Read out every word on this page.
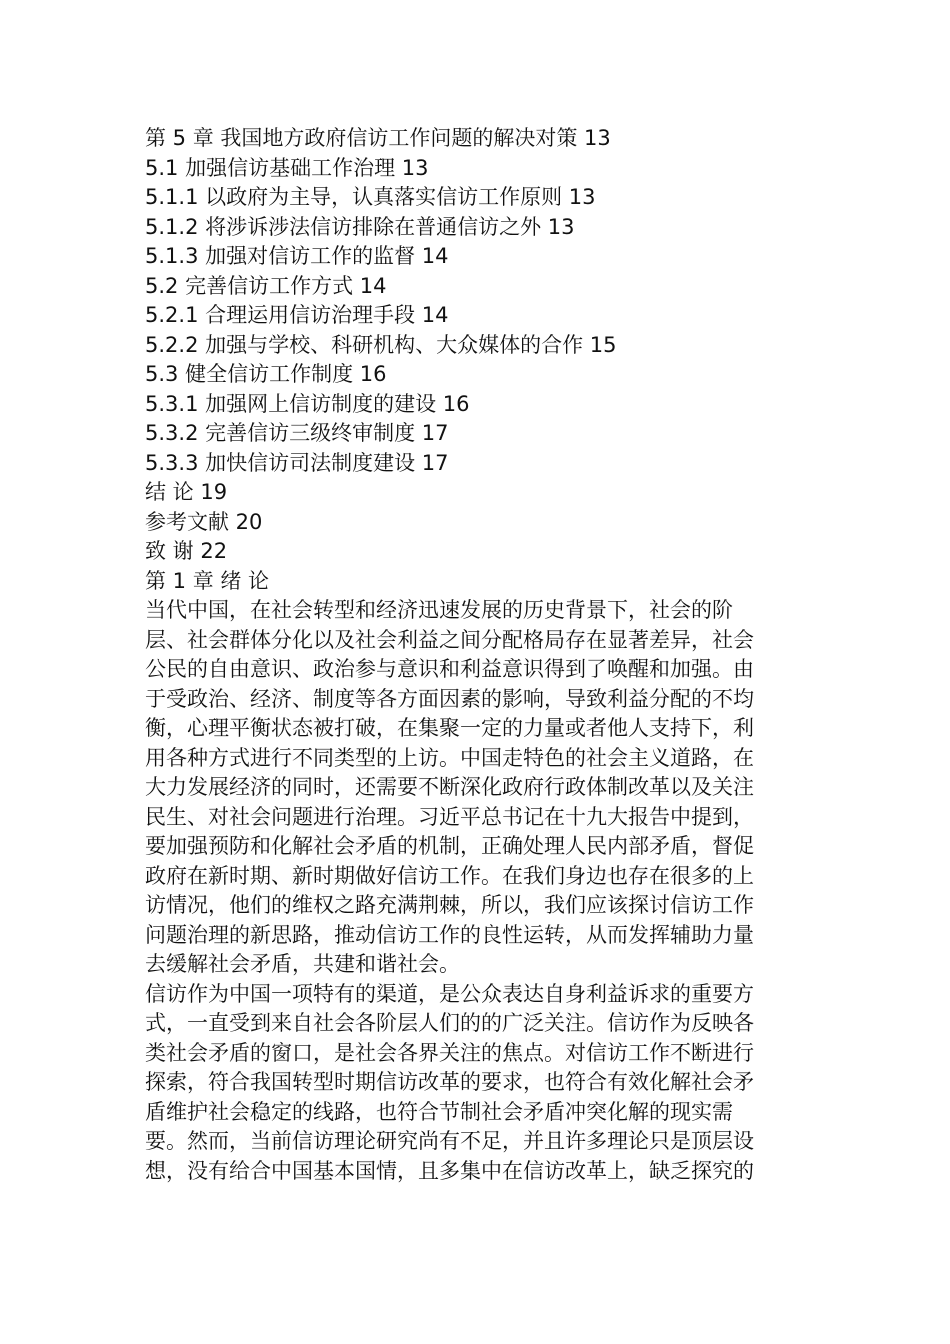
第 5 章 我国地方政府信访工作问题的解决对策 13
5.1 加强信访基础工作治理 13
5.1.1 以政府为主导，认真落实信访工作原则 13
5.1.2 将涉诉涉法信访排除在普通信访之外 13
5.1.3 加强对信访工作的监督 14
5.2 完善信访工作方式 14
5.2.1 合理运用信访治理手段 14
5.2.2 加强与学校、科研机构、大众媒体的合作 15
5.3 健全信访工作制度 16
5.3.1 加强网上信访制度的建设 16
5.3.2 完善信访三级终审制度 17
5.3.3 加快信访司法制度建设 17
结 论 19
参考文献 20
致 谢 22
第 1 章 绪 论
当代中国，在社会转型和经济迅速发展的历史背景下，社会的阶
层、社会群体分化以及社会利益之间分配格局存在显著差异，社会
公民的自由意识、政治参与意识和利益意识得到了唤醒和加强。由
于受政治、经济、制度等各方面因素的影响，导致利益分配的不均
衡，心理平衡状态被打破，在集聚一定的力量或者他人支持下，利
用各种方式进行不同类型的上访。中国走特色的社会主义道路，在
大力发展经济的同时，还需要不断深化政府行政体制改革以及关注
民生、对社会问题进行治理。习近平总书记在十九大报告中提到，
要加强预防和化解社会矛盾的机制，正确处理人民内部矛盾，督促
政府在新时期、新时期做好信访工作。在我们身边也存在很多的上
访情况，他们的维权之路充满荆棘，所以，我们应该探讨信访工作
问题治理的新思路，推动信访工作的良性运转，从而发挥辅助力量
去缓解社会矛盾，共建和谐社会。
信访作为中国一项特有的渠道，是公众表达自身利益诉求的重要方
式，一直受到来自社会各阶层人们的的广泛关注。信访作为反映各
类社会矛盾的窗口，是社会各界关注的焦点。对信访工作不断进行
探索，符合我国转型时期信访改革的要求，也符合有效化解社会矛
盾维护社会稳定的线路，也符合节制社会矛盾冲突化解的现实需
要。然而，当前信访理论研究尚有不足，并且许多理论只是顶层设
想，没有给合中国基本国情，且多集中在信访改革上，缺乏探究的
